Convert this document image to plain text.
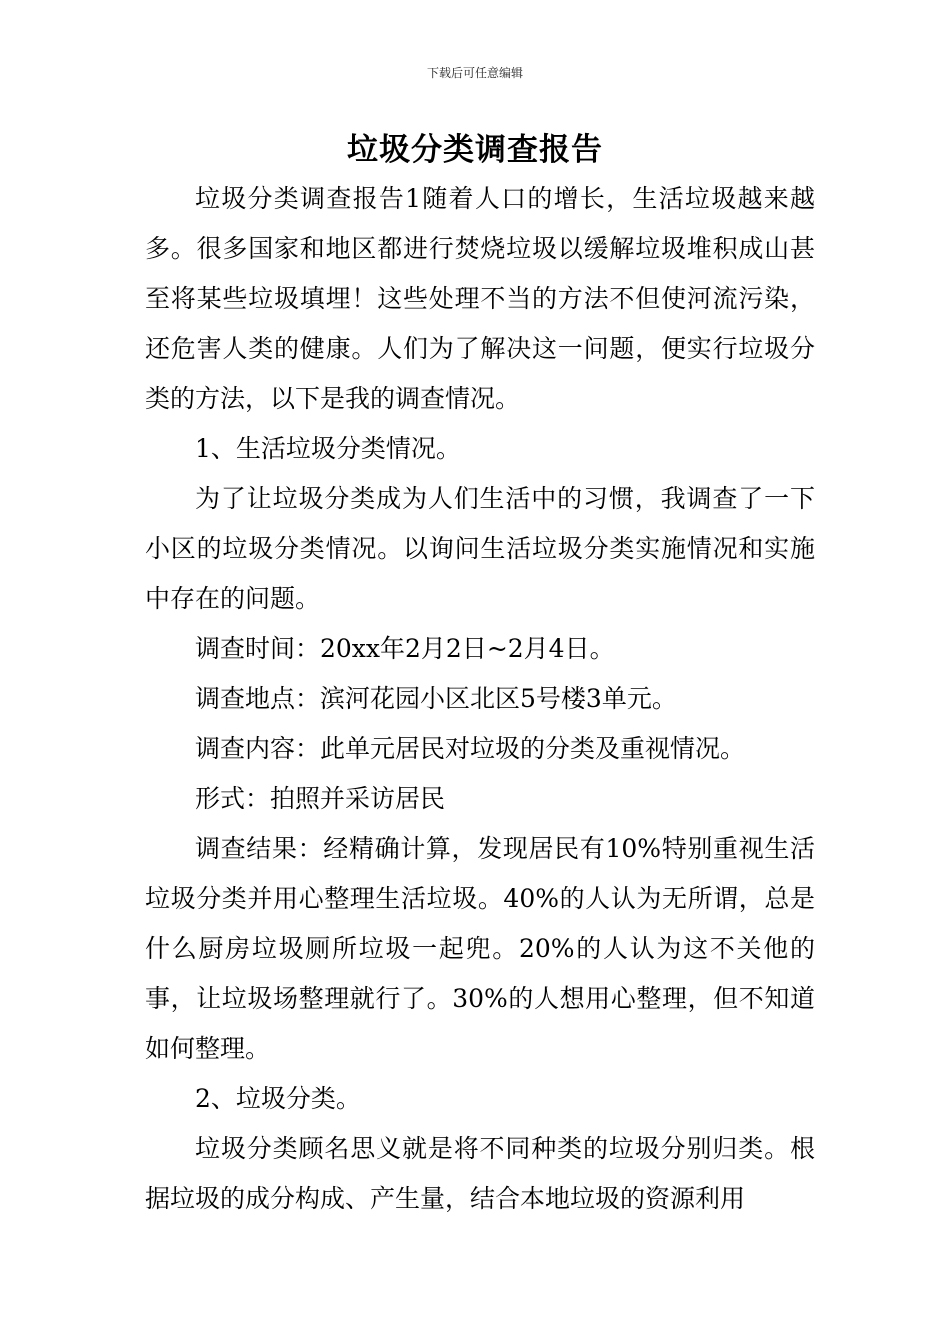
下载后可任意编辑
垃圾分类调查报告

垃圾分类调查报告1随着人口的增长，生活垃圾越来越多。很多国家和地区都进行焚烧垃圾以缓解垃圾堆积成山甚至将某些垃圾填埋！这些处理不当的方法不但使河流污染，还危害人类的健康。人们为了解决这一问题，便实行垃圾分类的方法，以下是我的调查情况。

1、生活垃圾分类情况。

为了让垃圾分类成为人们生活中的习惯，我调查了一下小区的垃圾分类情况。以询问生活垃圾分类实施情况和实施中存在的问题。

调查时间：20xx年2月2日~2月4日。

调查地点：滨河花园小区北区5号楼3单元。

调查内容：此单元居民对垃圾的分类及重视情况。

形式：拍照并采访居民

调查结果：经精确计算，发现居民有10%特别重视生活垃圾分类并用心整理生活垃圾。40%的人认为无所谓，总是什么厨房垃圾厕所垃圾一起兜。20%的人认为这不关他的事，让垃圾场整理就行了。30%的人想用心整理，但不知道如何整理。

2、垃圾分类。

垃圾分类顾名思义就是将不同种类的垃圾分别归类。根据垃圾的成分构成、产生量，结合本地垃圾的资源利用
